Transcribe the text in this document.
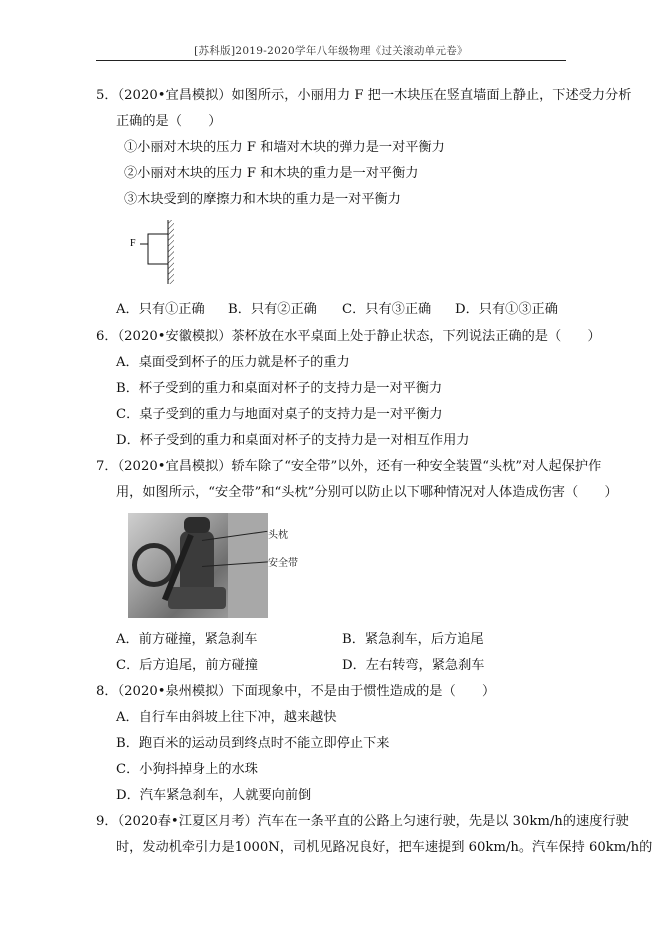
[苏科版]2019-2020学年八年级物理《过关滚动单元卷》
5．（2020•宜昌模拟）如图所示，小丽用力 F 把一木块压在竖直墙面上静止，下述受力分析
正确的是（　　）
①小丽对木块的压力 F 和墙对木块的弹力是一对平衡力
②小丽对木块的压力 F 和木块的重力是一对平衡力
③木块受到的摩擦力和木块的重力是一对平衡力
F
A．只有①正确 B．只有②正确 C．只有③正确 D．只有①③正确
6．（2020•安徽模拟）茶杯放在水平桌面上处于静止状态，下列说法正确的是（　　）
A．桌面受到杯子的压力就是杯子的重力
B．杯子受到的重力和桌面对杯子的支持力是一对平衡力
C．桌子受到的重力与地面对桌子的支持力是一对平衡力
D．杯子受到的重力和桌面对杯子的支持力是一对相互作用力
7．（2020•宜昌模拟）轿车除了“安全带”以外，还有一种安全装置“头枕”对人起保护作
用，如图所示，“安全带”和“头枕”分别可以防止以下哪种情况对人体造成伤害（　　）
头枕
安全带
A．前方碰撞，紧急刹车	B．紧急刹车，后方追尾
C．后方追尾，前方碰撞	D．左右转弯，紧急刹车
8．（2020•泉州模拟）下面现象中，不是由于惯性造成的是（　　）
A．自行车由斜坡上往下冲，越来越快
B．跑百米的运动员到终点时不能立即停止下来
C．小狗抖掉身上的水珠
D．汽车紧急刹车，人就要向前倒
9．（2020春•江夏区月考）汽车在一条平直的公路上匀速行驶，先是以 30km/h的速度行驶
时，发动机牵引力是1000N，司机见路况良好，把车速提到 60km/h。汽车保持 60km/h的
